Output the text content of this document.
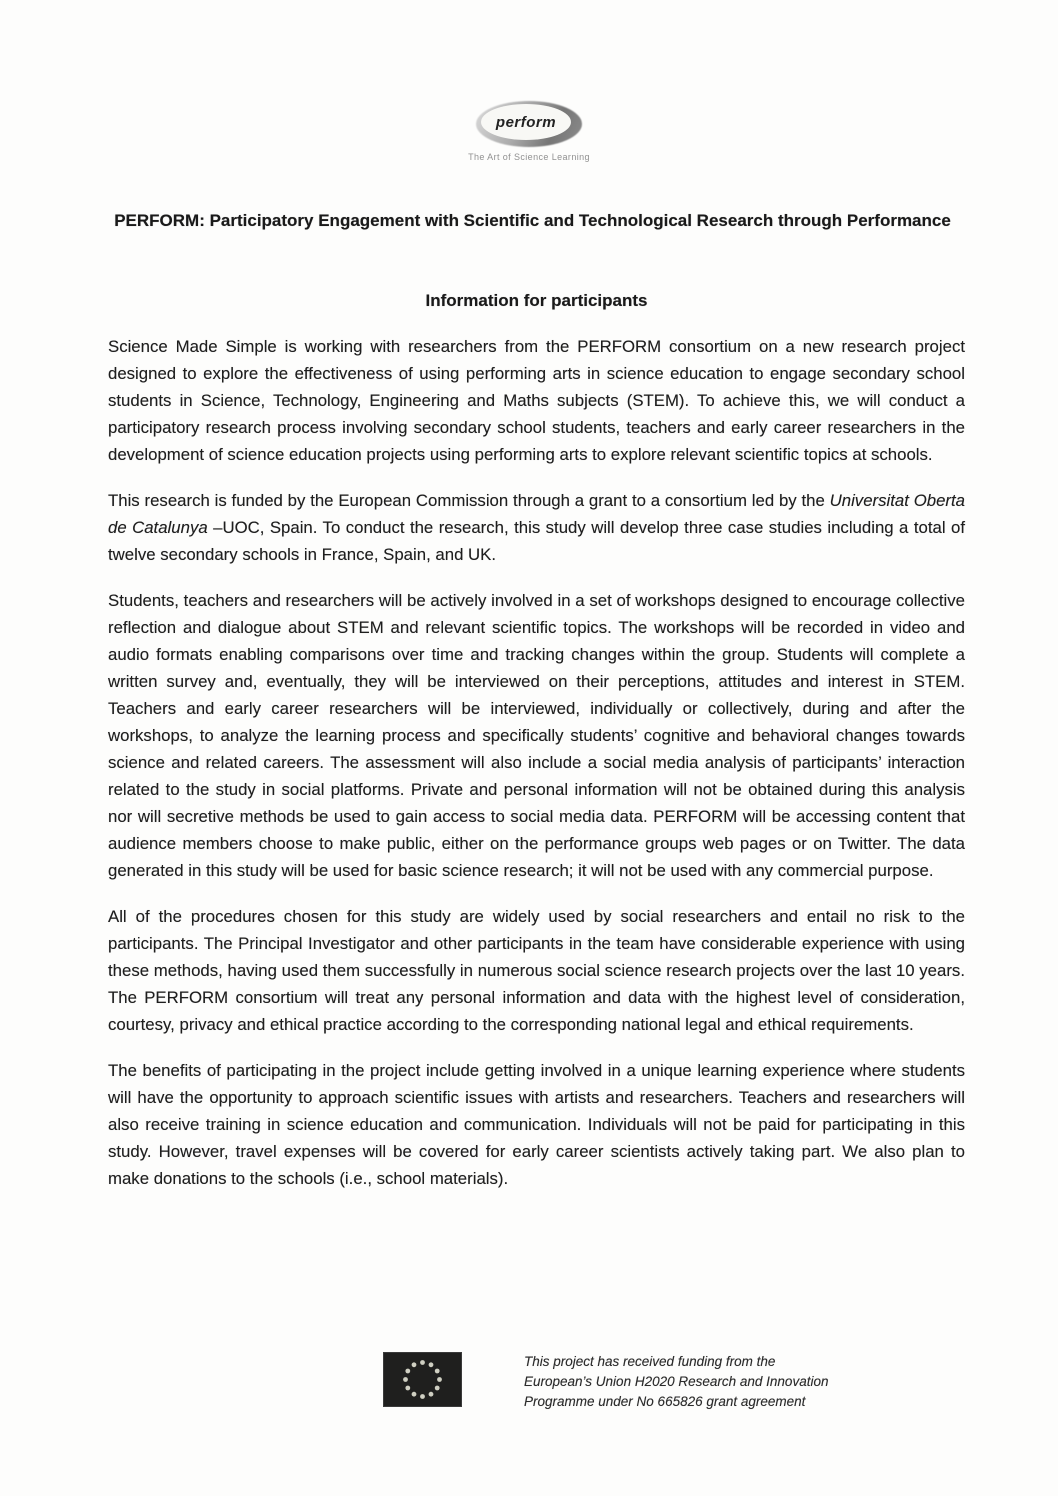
perform
The Art of Science Learning
PERFORM: Participatory Engagement with Scientific and Technological Research through Performance
Information for participants

Science Made Simple is working with researchers from the PERFORM consortium on a new research project designed to explore the effectiveness of using performing arts in science education to engage secondary school students in Science, Technology, Engineering and Maths subjects (STEM). To achieve this, we will conduct a participatory research process involving secondary school students, teachers and early career researchers in the development of science education projects using performing arts to explore relevant scientific topics at schools.

This research is funded by the European Commission through a grant to a consortium led by the Universitat Oberta de Catalunya –UOC, Spain. To conduct the research, this study will develop three case studies including a total of twelve secondary schools in France, Spain, and UK.

Students, teachers and researchers will be actively involved in a set of workshops designed to encourage collective reflection and dialogue about STEM and relevant scientific topics. The workshops will be recorded in video and audio formats enabling comparisons over time and tracking changes within the group. Students will complete a written survey and, eventually, they will be interviewed on their perceptions, attitudes and interest in STEM. Teachers and early career researchers will be interviewed, individually or collectively, during and after the workshops, to analyze the learning process and specifically students’ cognitive and behavioral changes towards science and related careers. The assessment will also include a social media analysis of participants’ interaction related to the study in social platforms. Private and personal information will not be obtained during this analysis nor will secretive methods be used to gain access to social media data. PERFORM will be accessing content that audience members choose to make public, either on the performance groups web pages or on Twitter. The data generated in this study will be used for basic science research; it will not be used with any commercial purpose.

All of the procedures chosen for this study are widely used by social researchers and entail no risk to the participants. The Principal Investigator and other participants in the team have considerable experience with using these methods, having used them successfully in numerous social science research projects over the last 10 years. The PERFORM consortium will treat any personal information and data with the highest level of consideration, courtesy, privacy and ethical practice according to the corresponding national legal and ethical requirements.

The benefits of participating in the project include getting involved in a unique learning experience where students will have the opportunity to approach scientific issues with artists and researchers. Teachers and researchers will also receive training in science education and communication. Individuals will not be paid for participating in this study. However, travel expenses will be covered for early career scientists actively taking part. We also plan to make donations to the schools (i.e., school materials).

This project has received funding from the
European’s Union H2020 Research and Innovation
Programme under No 665826 grant agreement
